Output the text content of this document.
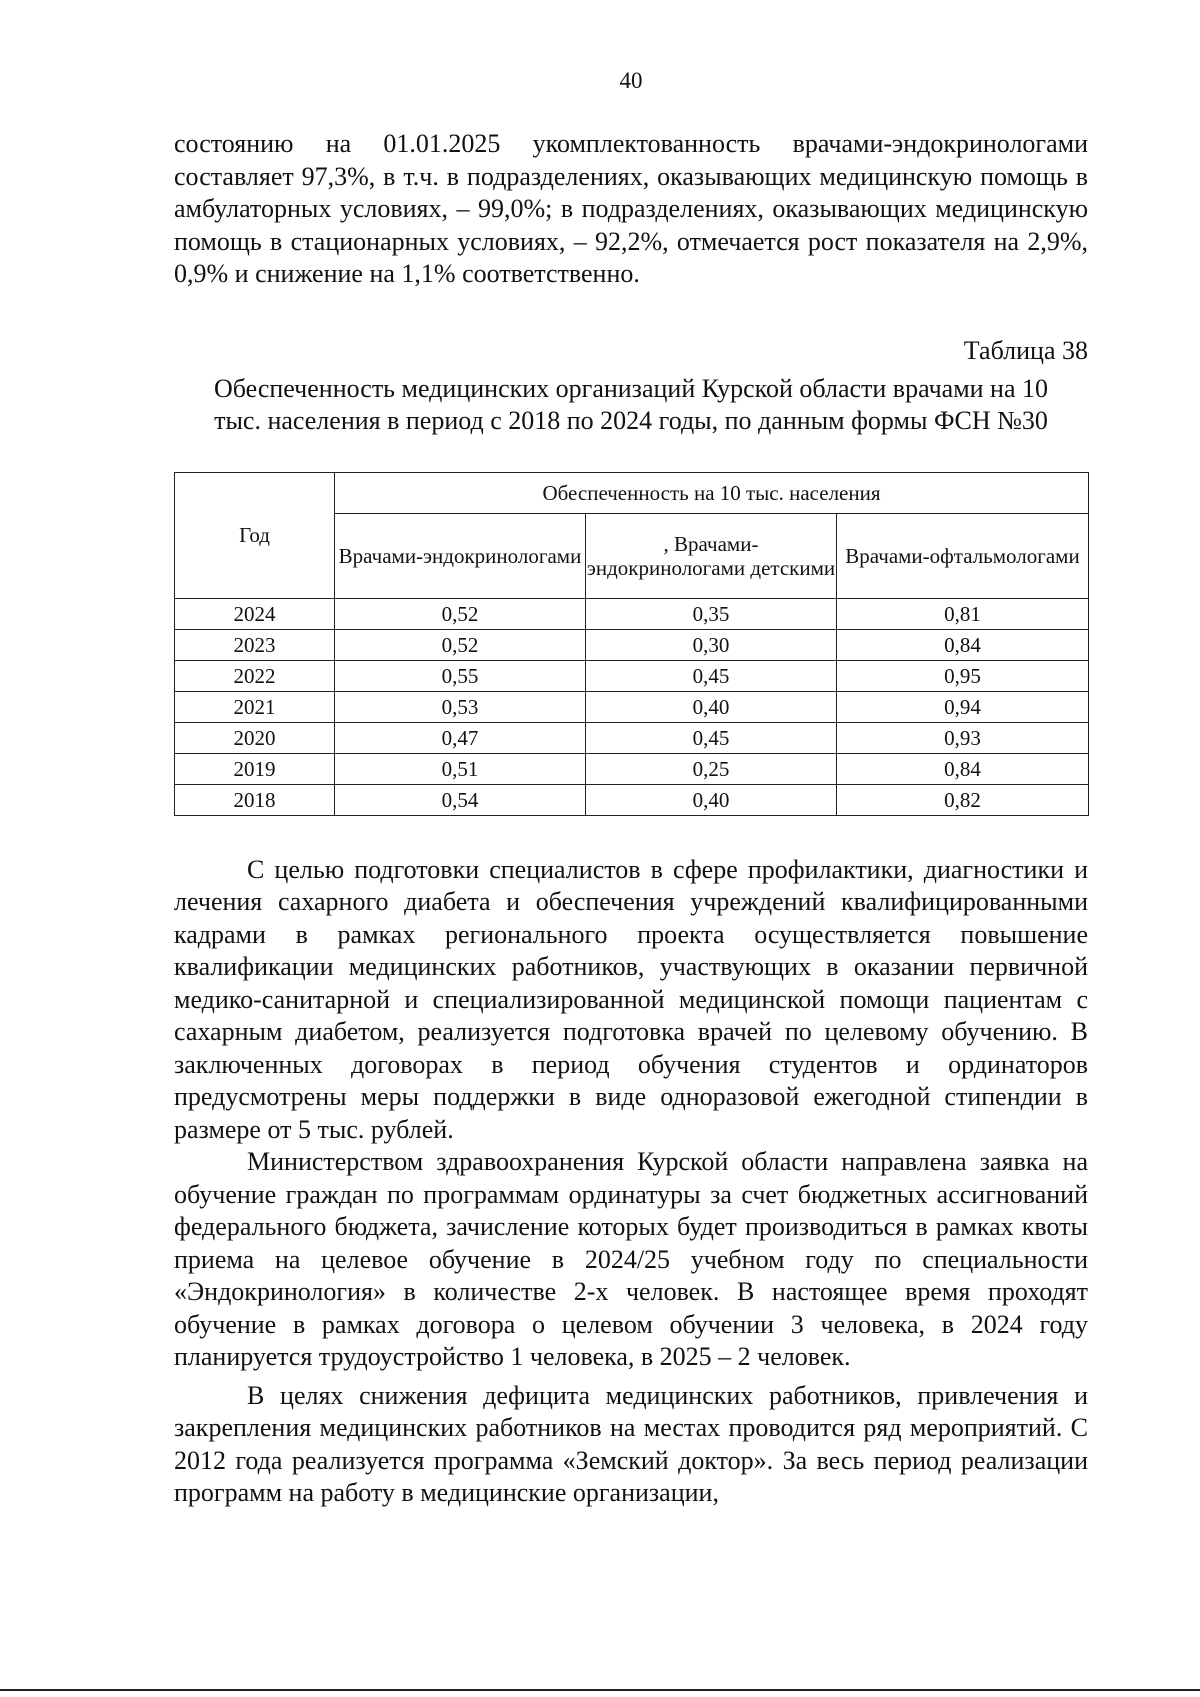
40

состоянию на 01.01.2025 укомплектованность врачами-эндокринологами составляет 97,3%, в т.ч. в подразделениях, оказывающих медицинскую помощь в амбулаторных условиях, – 99,0%; в подразделениях, оказывающих медицинскую помощь в стационарных условиях, – 92,2%, отмечается рост показателя на 2,9%, 0,9% и снижение на 1,1% соответственно.

Таблица 38
Обеспеченность медицинских организаций Курской области врачами на 10 тыс. населения в период с 2018 по 2024 годы, по данным формы ФСН №30
Год	Обеспеченность на 10 тыс. населения		
	Врачами-эндокринологами	, Врачами-эндокринологами детскими	Врачами-офтальмологами
2024	0,52	0,35	0,81
2023	0,52	0,30	0,84
2022	0,55	0,45	0,95
2021	0,53	0,40	0,94
2020	0,47	0,45	0,93
2019	0,51	0,25	0,84
2018	0,54	0,40	0,82

С целью подготовки специалистов в сфере профилактики, диагностики и лечения сахарного диабета и обеспечения учреждений квалифицированными кадрами в рамках регионального проекта осуществляется повышение квалификации медицинских работников, участвующих в оказании первичной медико-санитарной и специализированной медицинской помощи пациентам с сахарным диабетом, реализуется подготовка врачей по целевому обучению. В заключенных договорах в период обучения студентов и ординаторов предусмотрены меры поддержки в виде одноразовой ежегодной стипендии в размере от 5 тыс. рублей.

Министерством здравоохранения Курской области направлена заявка на обучение граждан по программам ординатуры за счет бюджетных ассигнований федерального бюджета, зачисление которых будет производиться в рамках квоты приема на целевое обучение в 2024/25 учебном году по специальности «Эндокринология» в количестве 2-х человек. В настоящее время проходят обучение в рамках договора о целевом обучении 3 человека, в 2024 году планируется трудоустройство 1 человека, в 2025 – 2 человек.

В целях снижения дефицита медицинских работников, привлечения и закрепления медицинских работников на местах проводится ряд мероприятий. С 2012 года реализуется программа «Земский доктор». За весь период реализации программ на работу в медицинские организации,
